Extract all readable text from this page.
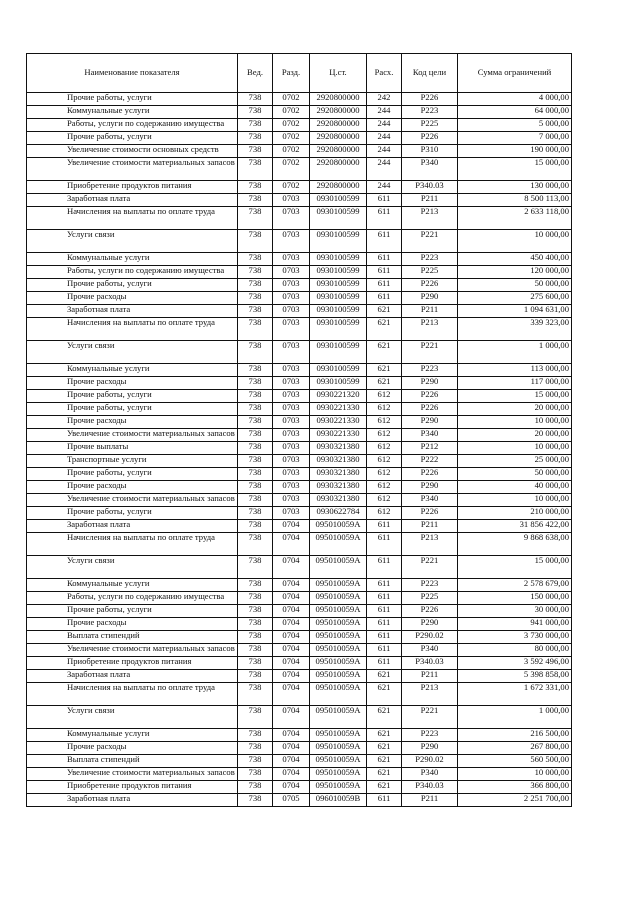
Наименование показателя	Вед.	Разд.	Ц.ст.	Расх.	Код цели	Сумма ограничений
Прочие работы, услуги	738	0702	2920800000	242	P226	4 000,00
Коммунальные услуги	738	0702	2920800000	244	P223	64 000,00
Работы, услуги по содержанию имущества	738	0702	2920800000	244	P225	5 000,00
Прочие работы, услуги	738	0702	2920800000	244	P226	7 000,00
Увеличение стоимости основных средств	738	0702	2920800000	244	P310	190 000,00
Увеличение стоимости материальных запасов	738	0702	2920800000	244	P340	15 000,00
Приобретение продуктов питания	738	0702	2920800000	244	P340.03	130 000,00
Заработная плата	738	0703	0930100599	611	P211	8 500 113,00
Начисления на выплаты по оплате труда	738	0703	0930100599	611	P213	2 633 118,00
Услуги связи	738	0703	0930100599	611	P221	10 000,00
Коммунальные услуги	738	0703	0930100599	611	P223	450 400,00
Работы, услуги по содержанию имущества	738	0703	0930100599	611	P225	120 000,00
Прочие работы, услуги	738	0703	0930100599	611	P226	50 000,00
Прочие расходы	738	0703	0930100599	611	P290	275 600,00
Заработная плата	738	0703	0930100599	621	P211	1 094 631,00
Начисления на выплаты по оплате труда	738	0703	0930100599	621	P213	339 323,00
Услуги связи	738	0703	0930100599	621	P221	1 000,00
Коммунальные услуги	738	0703	0930100599	621	P223	113 000,00
Прочие расходы	738	0703	0930100599	621	P290	117 000,00
Прочие работы, услуги	738	0703	0930221320	612	P226	15 000,00
Прочие работы, услуги	738	0703	0930221330	612	P226	20 000,00
Прочие расходы	738	0703	0930221330	612	P290	10 000,00
Увеличение стоимости материальных запасов	738	0703	0930221330	612	P340	20 000,00
Прочие выплаты	738	0703	0930321380	612	P212	10 000,00
Транспортные услуги	738	0703	0930321380	612	P222	25 000,00
Прочие работы, услуги	738	0703	0930321380	612	P226	50 000,00
Прочие расходы	738	0703	0930321380	612	P290	40 000,00
Увеличение стоимости материальных запасов	738	0703	0930321380	612	P340	10 000,00
Прочие работы, услуги	738	0703	0930622784	612	P226	210 000,00
Заработная плата	738	0704	095010059A	611	P211	31 856 422,00
Начисления на выплаты по оплате труда	738	0704	095010059A	611	P213	9 868 638,00
Услуги связи	738	0704	095010059A	611	P221	15 000,00
Коммунальные услуги	738	0704	095010059A	611	P223	2 578 679,00
Работы, услуги по содержанию имущества	738	0704	095010059A	611	P225	150 000,00
Прочие работы, услуги	738	0704	095010059A	611	P226	30 000,00
Прочие расходы	738	0704	095010059A	611	P290	941 000,00
Выплата стипендий	738	0704	095010059A	611	P290.02	3 730 000,00
Увеличение стоимости материальных запасов	738	0704	095010059A	611	P340	80 000,00
Приобретение продуктов питания	738	0704	095010059A	611	P340.03	3 592 496,00
Заработная плата	738	0704	095010059A	621	P211	5 398 858,00
Начисления на выплаты по оплате труда	738	0704	095010059A	621	P213	1 672 331,00
Услуги связи	738	0704	095010059A	621	P221	1 000,00
Коммунальные услуги	738	0704	095010059A	621	P223	216 500,00
Прочие расходы	738	0704	095010059A	621	P290	267 800,00
Выплата стипендий	738	0704	095010059A	621	P290.02	560 500,00
Увеличение стоимости материальных запасов	738	0704	095010059A	621	P340	10 000,00
Приобретение продуктов питания	738	0704	095010059A	621	P340.03	366 800,00
Заработная плата	738	0705	096010059B	611	P211	2 251 700,00
